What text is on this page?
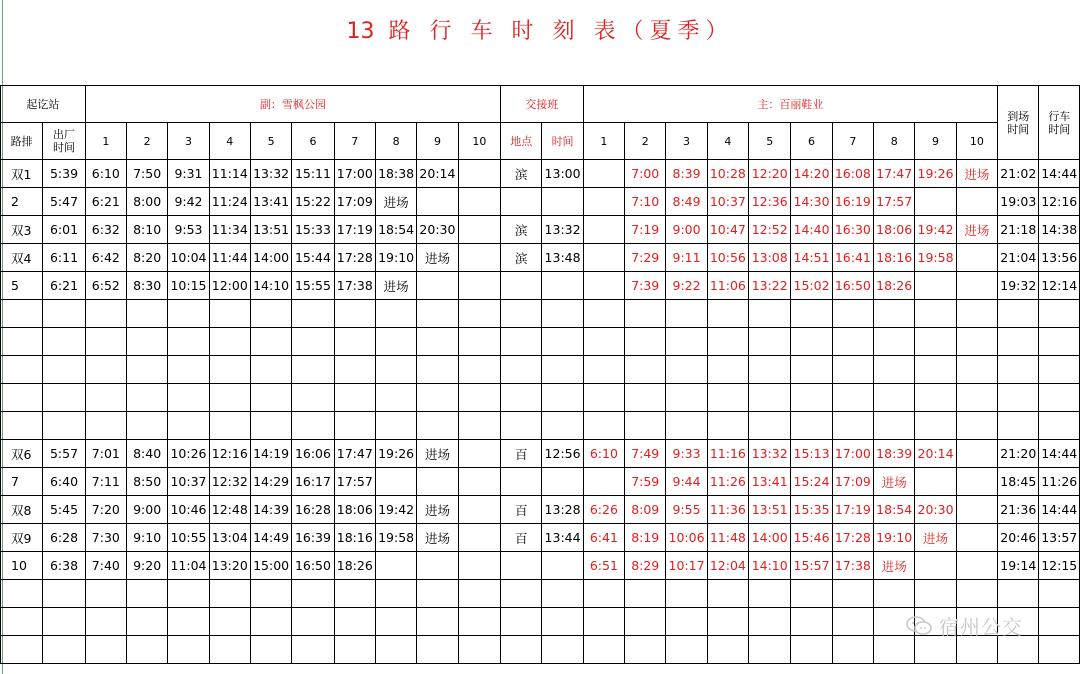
13 路 行 车 时 刻 表（夏季）
起讫站		副：雪枫公园										交接班		主：百丽鞋业										到场时间	行车时间
路排	出厂时间	1	2	3	4	5	6	7	8	9	10	地点	时间	1	2	3	4	5	6	7	8	9	10		
双1	5:39	6:10	7:50	9:31	11:14	13:32	15:11	17:00	18:38	20:14		滨	13:00		7:00	8:39	10:28	12:20	14:20	16:08	17:47	19:26	进场	21:02	14:44
2	5:47	6:21	8:00	9:42	11:24	13:41	15:22	17:09	进场						7:10	8:49	10:37	12:36	14:30	16:19	17:57			19:03	12:16
双3	6:01	6:32	8:10	9:53	11:34	13:51	15:33	17:19	18:54	20:30		滨	13:32		7:19	9:00	10:47	12:52	14:40	16:30	18:06	19:42	进场	21:18	14:38
双4	6:11	6:42	8:20	10:04	11:44	14:00	15:44	17:28	19:10	进场		滨	13:48		7:29	9:11	10:56	13:08	14:51	16:41	18:16	19:58		21:04	13:56
5	6:21	6:52	8:30	10:15	12:00	14:10	15:55	17:38	进场						7:39	9:22	11:06	13:22	15:02	16:50	18:26			19:32	12:14

双6	5:57	7:01	8:40	10:26	12:16	14:19	16:06	17:47	19:26	进场		百	12:56	6:10	7:49	9:33	11:16	13:32	15:13	17:00	18:39	20:14		21:20	14:44
7	6:40	7:11	8:50	10:37	12:32	14:29	16:17	17:57							7:59	9:44	11:26	13:41	15:24	17:09	进场			18:45	11:26
双8	5:45	7:20	9:00	10:46	12:48	14:39	16:28	18:06	19:42	进场		百	13:28	6:26	8:09	9:55	11:36	13:51	15:35	17:19	18:54	20:30		21:36	14:44
双9	6:28	7:30	9:10	10:55	13:04	14:49	16:39	18:16	19:58	进场		百	13:44	6:41	8:19	10:06	11:48	14:00	15:46	17:28	19:10	进场		20:46	13:57
10	6:38	7:40	9:20	11:04	13:20	15:00	16:50	18:26						6:51	8:29	10:17	12:04	14:10	15:57	17:38	进场			19:14	12:15

宿州公交
